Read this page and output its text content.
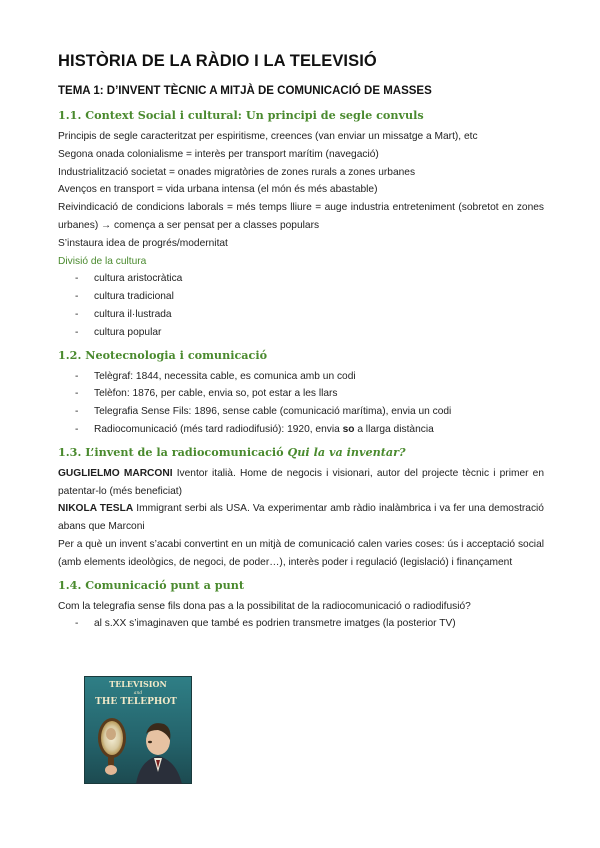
HISTÒRIA DE LA RÀDIO I LA TELEVISIÓ
TEMA 1: D’INVENT TÈCNIC A MITJÀ DE COMUNICACIÓ DE MASSES
1.1. Context Social i cultural: Un principi de segle convuls

Principis de segle caracteritzat per espiritisme, creences (van enviar un missatge a Mart), etc

Segona onada colonialisme = interès per transport marítim (navegació)

Industrialització societat = onades migratòries de zones rurals a zones urbanes

Avenços en transport = vida urbana intensa (el món és més abastable)

Reivindicació de condicions laborals = més temps lliure = auge industria entreteniment (sobretot en zones urbanes) → comença a ser pensat per a classes populars

S’instaura idea de progrés/modernitat

Divisió de la cultura
- cultura aristocràtica
- cultura tradicional
- cultura il·lustrada
- cultura popular
1.2. Neotecnologia i comunicació
- Telègraf: 1844, necessita cable, es comunica amb un codi
- Telèfon: 1876, per cable, envia so, pot estar a les llars
- Telegrafia Sense Fils: 1896, sense cable (comunicació marítima), envia un codi
- Radiocomunicació (més tard radiodifusió): 1920, envia so a llarga distància
1.3. L’invent de la radiocomunicació Qui la va inventar?

GUGLIELMO MARCONI Iventor italià. Home de negocis i visionari, autor del projecte tècnic i primer en patentar-lo (més beneficiat)

NIKOLA TESLA Immigrant serbi als USA. Va experimentar amb ràdio inalàmbrica i va fer una demostració abans que Marconi

Per a què un invent s’acabi convertint en un mitjà de comunicació calen varies coses: ús i acceptació social (amb elements ideològics, de negoci, de poder…), interès poder i regulació (legislació) i finançament

1.4. Comunicació punt a punt

Com la telegrafia sense fils dona pas a la possibilitat de la radiocomunicació o radiodifusió?

- al s.XX s’imaginaven que també es podrien transmetre imatges (la posterior TV)
TELEVISION
and
THE TELEPHOT
